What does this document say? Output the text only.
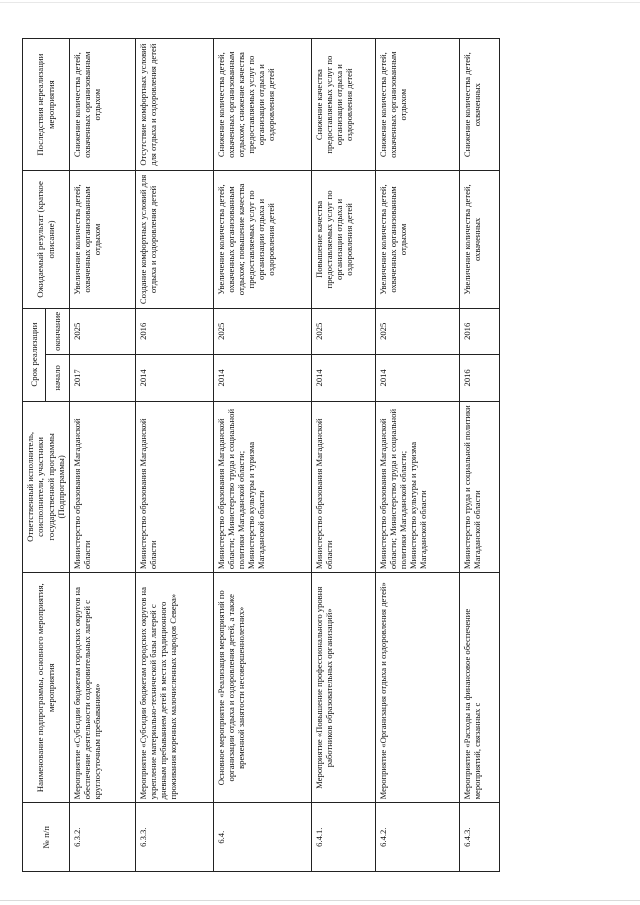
№ п/п	Наименование подпрограммы, основного мероприятия, мероприятия	Ответственный исполнитель, соисполнители, участники государственной программы (Подпрограммы)	Срок реализации		Ожидаемый результат (краткое описание)	Последствия нереализации мероприятия
			начало	окончание		
6.3.2.	Мероприятие «Субсидии бюджетам городских округов на обеспечение деятельности оздоровительных лагерей с круглосуточным пребыванием»	Министерство образования Магаданской области	2017	2025	Увеличение количества детей, охваченных организованным отдыхом	Снижение количества детей, охваченных организованным отдыхом
6.3.3.	Мероприятие «Субсидии бюджетам городских округов на укрепление материально-технической базы лагерей с дневным пребыванием детей в местах традиционного проживания коренных малочисленных народов Севера»	Министерство образования Магаданской области	2014	2016	Создание комфортных условий для отдыха и оздоровления детей	Отсутствие комфортных условий для отдыха и оздоровления детей
6.4.	Основное мероприятие «Реализация мероприятий по организации отдыха и оздоровления детей, а также временной занятости несовершеннолетних»	Министерство образования Магаданской области; Министерство труда и социальной политики Магаданской области; Министерство культуры и туризма Магаданской области	2014	2025	Увеличение количества детей, охваченных организованным отдыхом; повышение качества предоставляемых услуг по организации отдыха и оздоровления детей	Снижение количества детей, охваченных организованным отдыхом; снижение качества предоставляемых услуг по организации отдыха и оздоровления детей
6.4.1.	Мероприятие «Повышение профессионального уровня работников образовательных организаций»	Министерство образования Магаданской области	2014	2025	Повышение качества предоставляемых услуг по организации отдыха и оздоровления детей	Снижение качества предоставляемых услуг по организации отдыха и оздоровления детей
6.4.2.	Мероприятие «Организация отдыха и оздоровления детей»	Министерство образования Магаданской области; Министерство труда и социальной политики Магаданской области; Министерство культуры и туризма Магаданской области	2014	2025	Увеличение количества детей, охваченных организованным отдыхом	Снижение количества детей, охваченных организованным отдыхом
6.4.3.	Мероприятие «Расходы на финансовое обеспечение мероприятий, связанных с	Министерство труда и социальной политики Магаданской области	2016	2016	Увеличение количества детей, охваченных	Снижение количества детей, охваченных
